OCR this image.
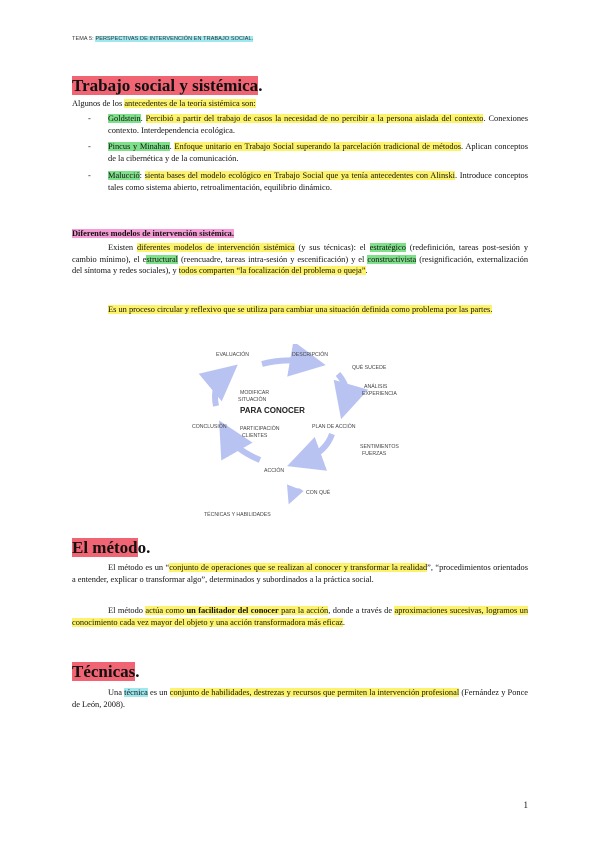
TEMA 5: PERSPECTIVAS DE INTERVENCIÓN EN TRABAJO SOCIAL.
Trabajo social y sistémica.
Algunos de los antecedentes de la teoría sistémica son:
- Goldstein. Percibió a partir del trabajo de casos la necesidad de no percibir a la persona aislada del contexto. Conexiones contexto. Interdependencia ecológica.
- Pincus y Minahan. Enfoque unitario en Trabajo Social superando la parcelación tradicional de métodos. Aplican conceptos de la cibernética y de la comunicación.
- Malucció: sienta bases del modelo ecológico en Trabajo Social que ya tenía antecedentes con Alinski. Introduce conceptos tales como sistema abierto, retroalimentación, equilibrio dinámico.
Diferentes modelos de intervención sistémica.
Existen diferentes modelos de intervención sistémica (y sus técnicas): el estratégico (redefinición, tareas post-sesión y cambio mínimo), el estructural (reencuadre, tareas intra-sesión y escenificación) y el constructivista (resignificación, externalización del síntoma y redes sociales), y todos comparten “la focalización del problema o queja”.
Es un proceso circular y reflexivo que se utiliza para cambiar una situación definida como problema por las partes.
EVALUACIÓN	DESCRIPCIÓN
QUÉ SUCEDE
ANÁLISIS
EXPERIENCIA
MODIFICAR
SITUACIÓN
PARA CONOCER
CONCLUSIÓN	PLAN DE ACCIÓN
PARTICIPACIÓN
CLIENTES
SENTIMIENTOS
FUERZAS
ACCIÓN
CON QUÉ
TÉCNICAS Y HABILIDADES
El método.
El método es un “conjunto de operaciones que se realizan al conocer y transformar la realidad”, “procedimientos orientados a entender, explicar o transformar algo”, determinados y subordinados a la práctica social.
El método actúa como un facilitador del conocer para la acción, donde a través de aproximaciones sucesivas, logramos un conocimiento cada vez mayor del objeto y una acción transformadora más eficaz.
Técnicas.
Una técnica es un conjunto de habilidades, destrezas y recursos que permiten la intervención profesional (Fernández y Ponce de León, 2008).
1
